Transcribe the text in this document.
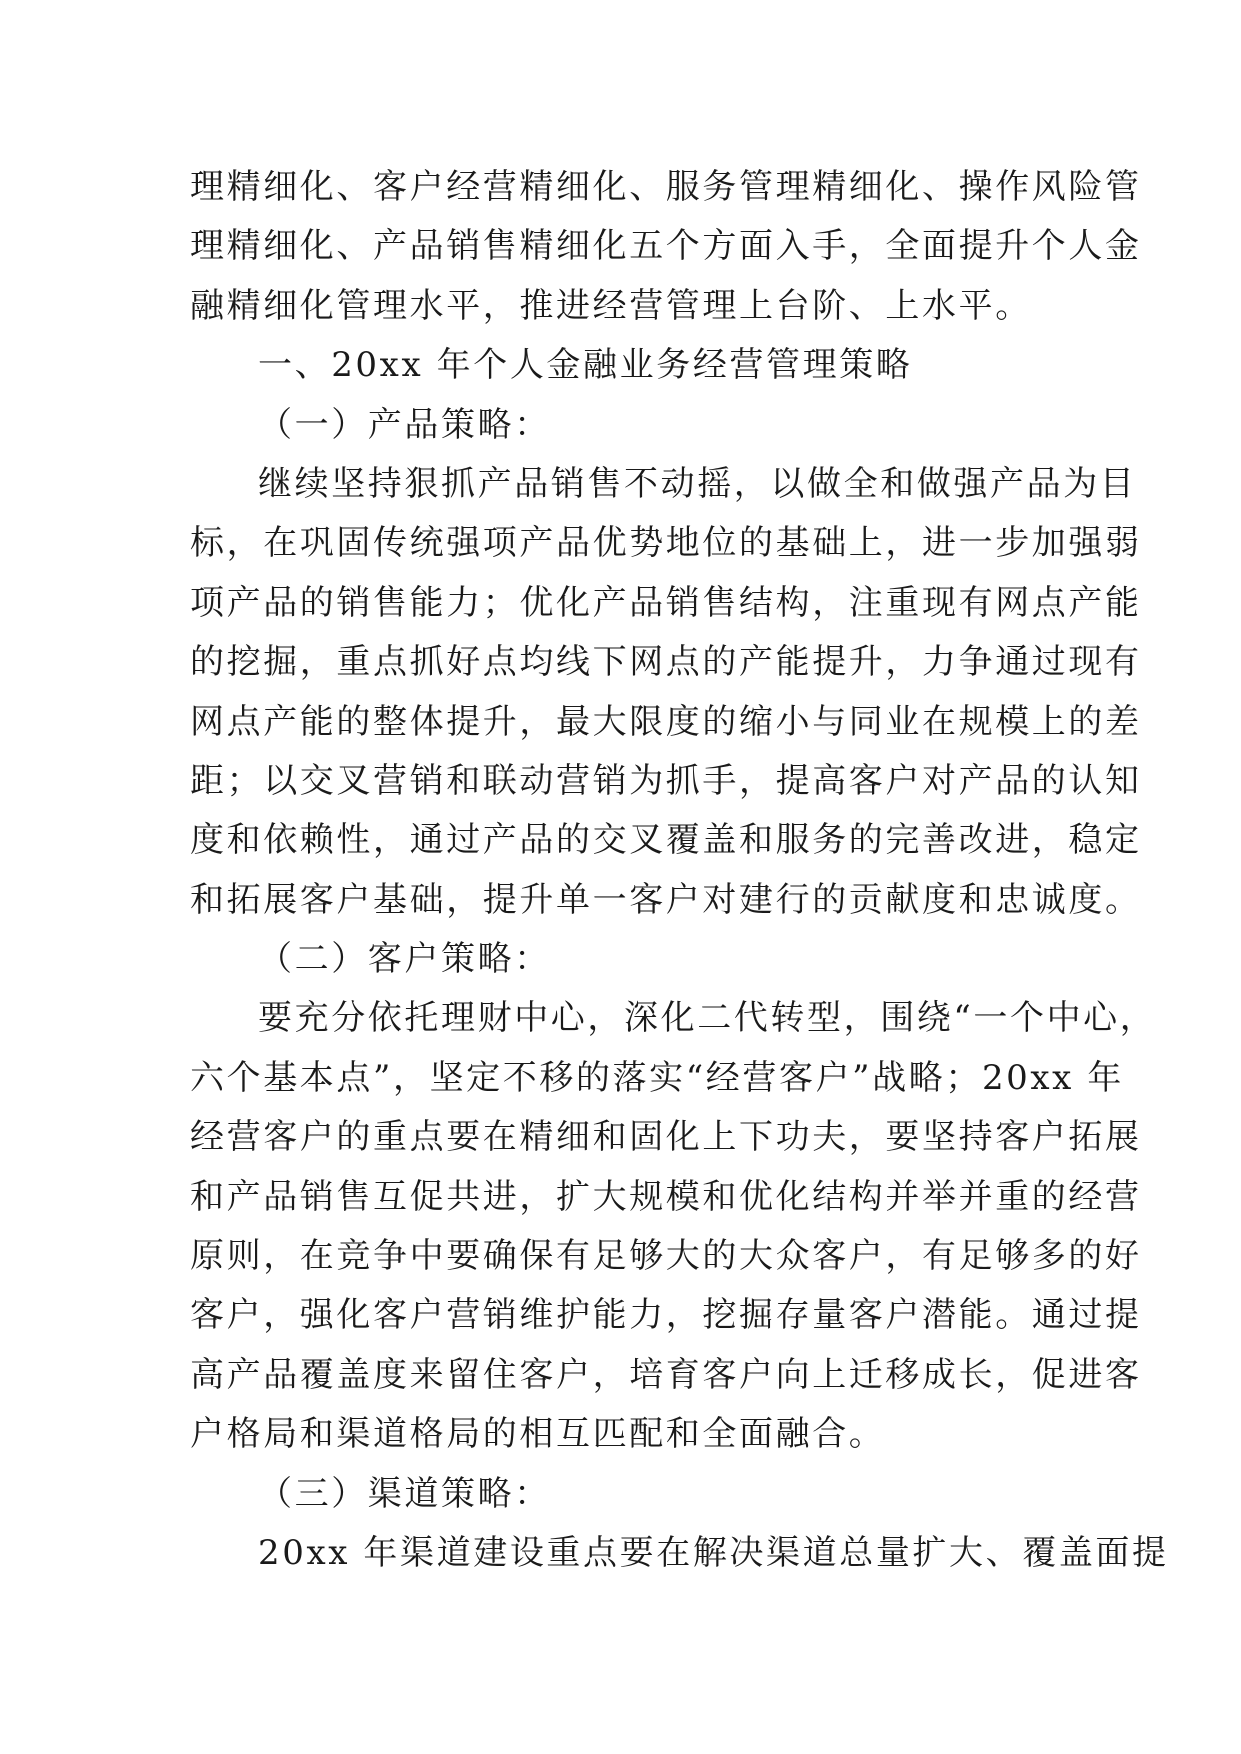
理精细化、客户经营精细化、服务管理精细化、操作风险管
理精细化、产品销售精细化五个方面入手，全面提升个人金
融精细化管理水平，推进经营管理上台阶、上水平。
一、20xx 年个人金融业务经营管理策略
（一）产品策略：
继续坚持狠抓产品销售不动摇，以做全和做强产品为目
标，在巩固传统强项产品优势地位的基础上，进一步加强弱
项产品的销售能力；优化产品销售结构，注重现有网点产能
的挖掘，重点抓好点均线下网点的产能提升，力争通过现有
网点产能的整体提升，最大限度的缩小与同业在规模上的差
距；以交叉营销和联动营销为抓手，提高客户对产品的认知
度和依赖性，通过产品的交叉覆盖和服务的完善改进，稳定
和拓展客户基础，提升单一客户对建行的贡献度和忠诚度。
（二）客户策略：
要充分依托理财中心，深化二代转型，围绕“一个中心，
六个基本点”，坚定不移的落实“经营客户”战略；20xx 年
经营客户的重点要在精细和固化上下功夫，要坚持客户拓展
和产品销售互促共进，扩大规模和优化结构并举并重的经营
原则，在竞争中要确保有足够大的大众客户，有足够多的好
客户，强化客户营销维护能力，挖掘存量客户潜能。通过提
高产品覆盖度来留住客户，培育客户向上迁移成长，促进客
户格局和渠道格局的相互匹配和全面融合。
（三）渠道策略：
20xx 年渠道建设重点要在解决渠道总量扩大、覆盖面提
